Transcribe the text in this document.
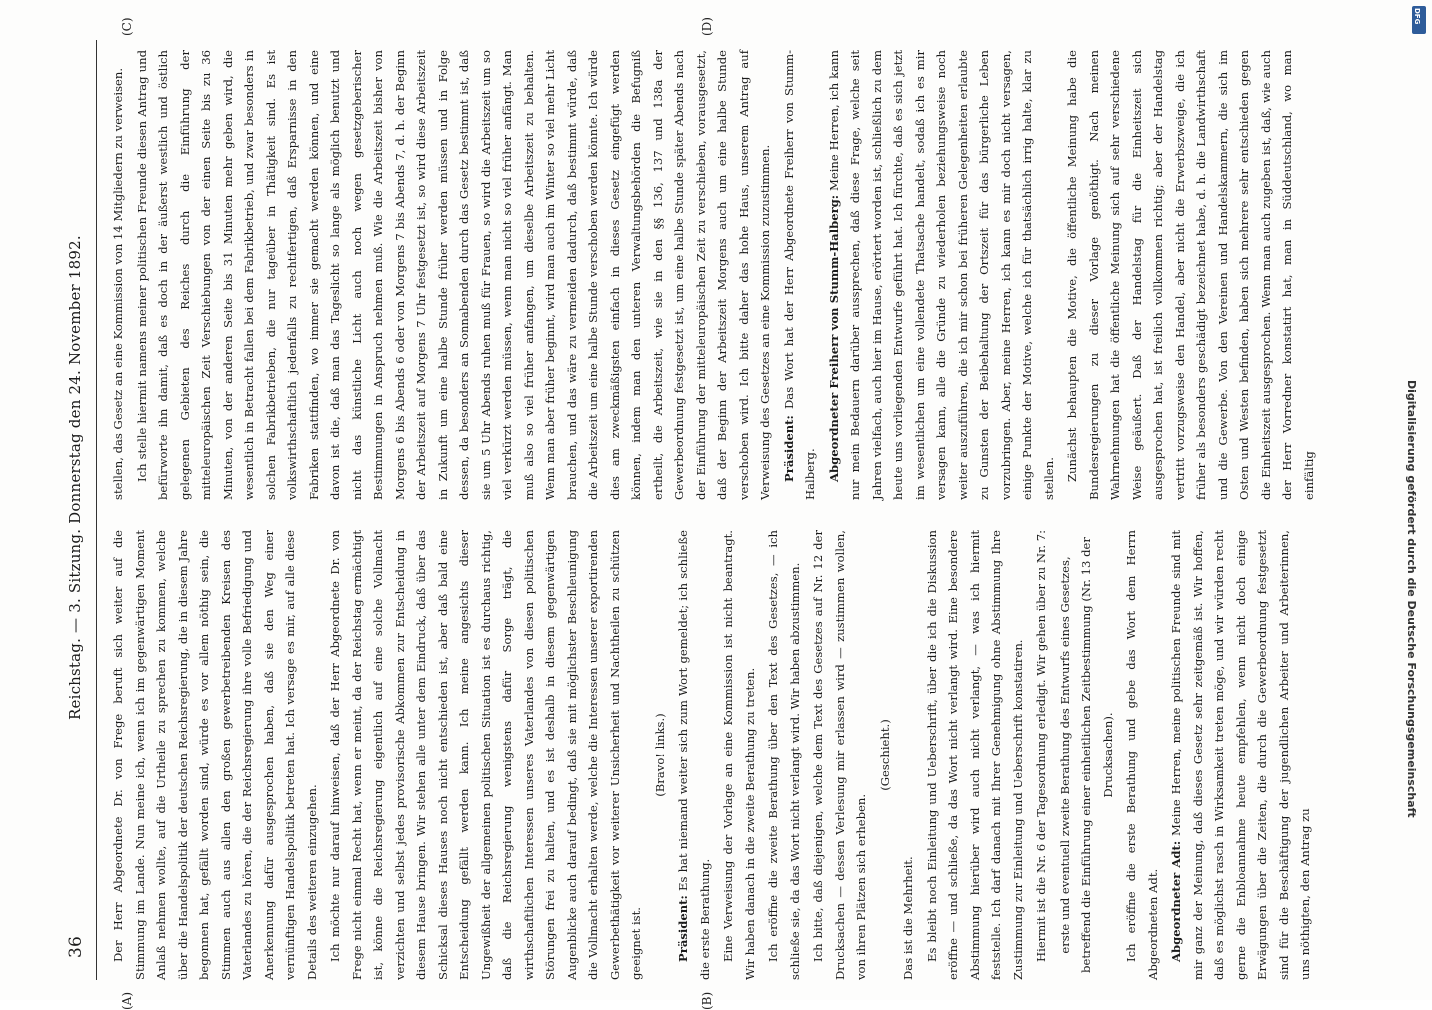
36
Reichstag. — 3. Sitzung. Donnerstag den 24. November 1892.
(A)	(B)
(C)	(D)

Der Herr Abgeordnete Dr. von Frege beruft sich weiter auf die Stimmung im Lande. Nun meine ich, wenn ich im gegenwärtigen Moment Anlaß nehmen wollte, auf die Urtheile zu sprechen zu kommen, welche über die Handelspolitik der deutschen Reichsregierung, die in diesem Jahre begonnen hat, gefällt worden sind, würde es vor allem nöthig sein, die Stimmen auch aus allen den großen gewerbetreibenden Kreisen des Vaterlandes zu hören, die der Reichsregierung ihre volle Befriedigung und Anerkennung dafür ausgesprochen haben, daß sie den Weg einer vernünftigen Handelspolitik betreten hat. Ich versage es mir, auf alle diese Details des weiteren einzugehen. Ich möchte nur darauf hinweisen, daß der Herr Abgeordnete Dr. von Frege nicht einmal Recht hat, wenn er meint, da der Reichstag ermächtigt ist, könne die Reichsregierung eigentlich auf eine solche Vollmacht verzichten und selbst jedes provisorische Abkommen zur Entscheidung in diesem Hause bringen. Wir stehen alle unter dem Eindruck, daß über das Schicksal dieses Hauses noch nicht entschieden ist, aber daß bald eine Entscheidung gefällt werden kann. Ich meine angesichts dieser Ungewißheit der allgemeinen politischen Situation ist es durchaus richtig, daß die Reichsregierung wenigstens dafür Sorge trägt, die wirthschaftlichen Interessen unseres Vaterlandes von diesen politischen Störungen frei zu halten, und es ist deshalb in diesem gegenwärtigen Augenblicke auch darauf bedingt, daß sie mit möglichster Beschleunigung die Vollmacht erhalten werde, welche die Interessen unserer exportirenden Gewerbethätigkeit vor weiterer Unsicherheit und Nachtheilen zu schützen geeignet ist.

(Bravo! links.)

Präsident: Es hat niemand weiter sich zum Wort gemeldet; ich schließe die erste Berathung. Eine Verweisung der Vorlage an eine Kommission ist nicht beantragt. Wir haben danach in die zweite Berathung zu treten. Ich eröffne die zweite Berathung über den Text des Gesetzes, — ich schließe sie, da das Wort nicht verlangt wird. Wir haben abzustimmen. Ich bitte, daß diejenigen, welche dem Text des Gesetzes auf Nr. 12 der Drucksachen — dessen Verlesung mir erlassen wird — zustimmen wollen, von ihren Plätzen sich erheben.

(Geschieht.)

Das ist die Mehrheit. Es bleibt noch Einleitung und Ueberschrift, über die ich die Diskussion eröffne — und schließe, da das Wort nicht verlangt wird. Eine besondere Abstimmung hierüber wird auch nicht verlangt, — was ich hiermit feststelle. Ich darf danach mit Ihrer Genehmigung ohne Abstimmung Ihre Zustimmung zur Einleitung und Ueberschrift konstatiren. Hiermit ist die Nr. 6 der Tagesordnung erledigt. Wir gehen über zu Nr. 7: erste und eventuell zweite Berathung des Entwurfs eines Gesetzes, betreffend die Einführung einer einheitlichen Zeitbestimmung (Nr. 13 der Drucksachen). Ich eröffne die erste Berathung und gebe das Wort dem Herrn Abgeordneten Adt. Abgeordneter Adt: Meine Herren, meine politischen Freunde sind mit mir ganz der Meinung, daß dieses Gesetz sehr zeitgemäß ist. Wir hoffen, daß es möglichst rasch in Wirksamkeit treten möge, und wir würden recht gerne die Enbloannahme heute empfehlen, wenn nicht doch einige Erwägungen über die Zeiten, die durch die Gewerbeordnung festgesetzt sind für die Beschäftigung der jugendlichen Arbeiter und Arbeiterinnen, uns nöthigten, den Antrag zu

stellen, das Gesetz an eine Kommission von 14 Mitgliedern zu verweisen. Ich stelle hiermit namens meiner politischen Freunde diesen Antrag und befürworte ihn damit, daß es doch in der äußerst westlich und östlich gelegenen Gebieten des Reiches durch die Einführung der mitteleuropäischen Zeit Verschiebungen von der einen Seite bis zu 36 Minuten, von der anderen Seite bis 31 Minuten mehr geben wird, die wesentlich in Betracht fallen bei dem Fabrikbetrieb, und zwar besonders in solchen Fabrikbetrieben, die nur tageüber in Thätigkeit sind. Es ist volkswirthschaftlich jedenfalls zu rechtfertigen, daß Ersparnisse in den Fabriken stattfinden, wo immer sie gemacht werden können, und eine davon ist die, daß man das Tageslicht so lange als möglich benutzt und nicht das künstliche Licht auch noch wegen gesetzgeberischer Bestimmungen in Anspruch nehmen muß. Wie die Arbeitszeit bisher von Morgens 6 bis Abends 6 oder von Morgens 7 bis Abends 7, d. h. der Beginn der Arbeitszeit auf Morgens 7 Uhr festgesetzt ist, so wird diese Arbeitszeit in Zukunft um eine halbe Stunde früher werden müssen und in Folge dessen, da besonders an Sonnabenden durch das Gesetz bestimmt ist, daß sie um 5 Uhr Abends ruhen muß für Frauen, so wird die Arbeitszeit um so viel verkürzt werden müssen, wenn man nicht so viel früher anfängt. Man muß also so viel früher anfangen, um dieselbe Arbeitszeit zu behalten. Wenn man aber früher beginnt, wird man auch im Winter so viel mehr Licht brauchen, und das wäre zu vermeiden dadurch, daß bestimmt würde, daß die Arbeitszeit um eine halbe Stunde verschoben werden könnte. Ich würde dies am zweckmäßigsten einfach in dieses Gesetz eingefügt werden können, indem man den unteren Verwaltungsbehörden die Befugniß ertheilt, die Arbeitszeit, wie sie in den §§ 136, 137 und 138a der Gewerbeordnung festgesetzt ist, um eine halbe Stunde später Abends nach der Einführung der mitteleuropäischen Zeit zu verschieben, vorausgesetzt, daß der Beginn der Arbeitszeit Morgens auch um eine halbe Stunde verschoben wird. Ich bitte daher das hohe Haus, unserem Antrag auf Verweisung des Gesetzes an eine Kommission zuzustimmen. Präsident: Das Wort hat der Herr Abgeordnete Freiherr von Stumm-Halberg. Abgeordneter Freiherr von Stumm-Halberg: Meine Herren, ich kann nur mein Bedauern darüber aussprechen, daß diese Frage, welche seit Jahren vielfach, auch hier im Hause, erörtert worden ist, schließlich zu dem heute uns vorliegenden Entwurfe geführt hat. Ich fürchte, daß es sich jetzt im wesentlichen um eine vollendete Thatsache handelt, sodaß ich es mir versagen kann, alle die Gründe zu wiederholen beziehungsweise noch weiter auszuführen, die ich mir schon bei früheren Gelegenheiten erlaubte zu Gunsten der Beibehaltung der Ortszeit für das bürgerliche Leben vorzubringen. Aber, meine Herren, ich kann es mir doch nicht versagen, einige Punkte der Motive, welche ich für thatsächlich irrig halte, klar zu stellen. Zunächst behaupten die Motive, die öffentliche Meinung habe die Bundesregierungen zu dieser Vorlage genöthigt. Nach meinen Wahrnehmungen hat die öffentliche Meinung sich auf sehr verschiedene Weise geäußert. Daß der Handelstag für die Einheitszeit sich ausgesprochen hat, ist freilich vollkommen richtig; aber der Handelstag vertritt vorzugsweise den Handel, aber nicht die Erwerbszweige, die ich früher als besonders geschädigt bezeichnet habe, d. h. die Landwirthschaft und die Gewerbe. Von den Vereinen und Handelskammern, die sich im Osten und Westen befinden, haben sich mehrere sehr entschieden gegen die Einheitszeit ausgesprochen. Wenn man auch zugeben ist, daß, wie auch der Herr Vorredner konstatirt hat, man in Süddeutschland, wo man einfältig	Digitalisierung gefördert durch die Deutsche Forschungsgemeinschaft
DFG
